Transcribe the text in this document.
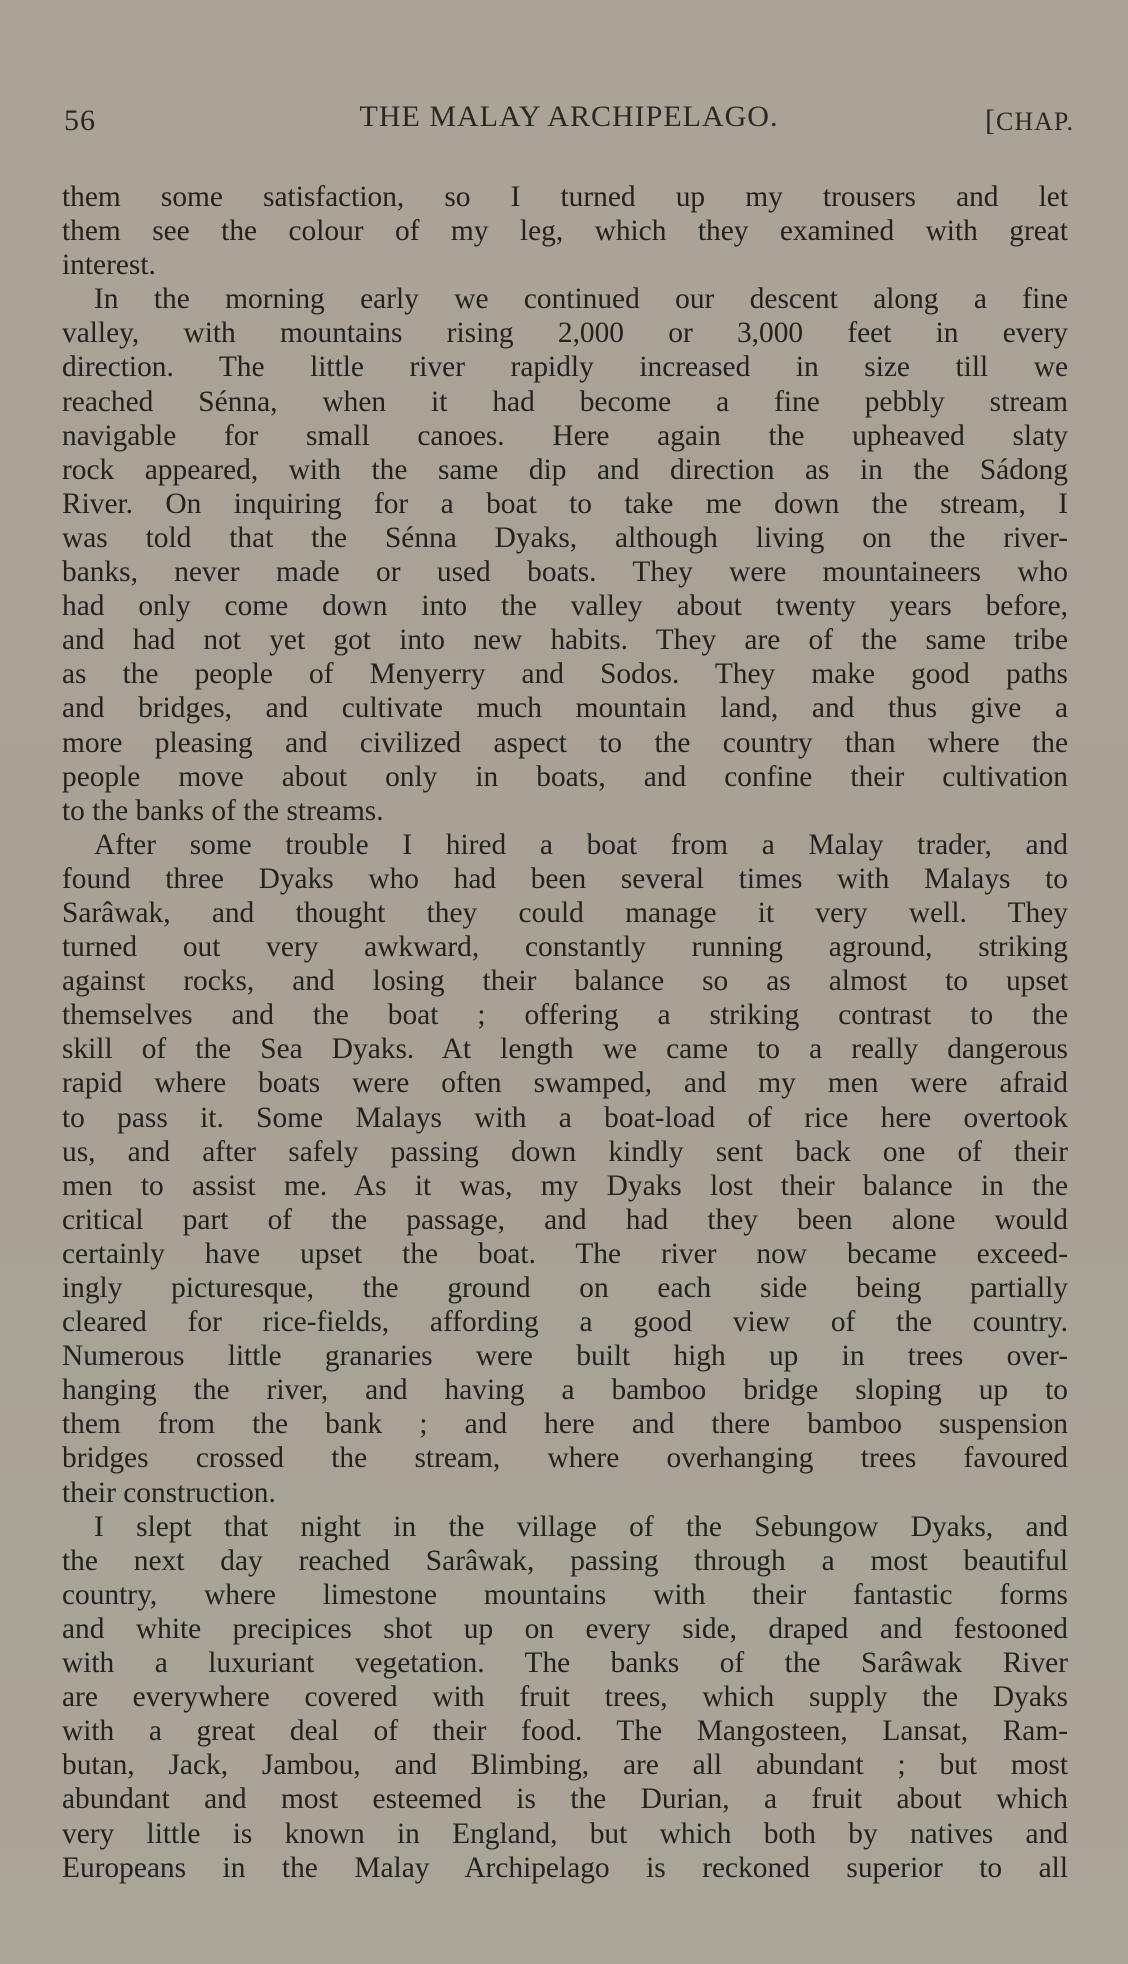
56	THE MALAY ARCHIPELAGO.	[CHAP.
them some satisfaction, so I turned up my trousers and let
them see the colour of my leg, which they examined with great
interest.
In the morning early we continued our descent along a fine
valley, with mountains rising 2,000 or 3,000 feet in every
direction. The little river rapidly increased in size till we
reached Sénna, when it had become a fine pebbly stream
navigable for small canoes. Here again the upheaved slaty
rock appeared, with the same dip and direction as in the Sádong
River. On inquiring for a boat to take me down the stream, I
was told that the Sénna Dyaks, although living on the river-
banks, never made or used boats. They were mountaineers who
had only come down into the valley about twenty years before,
and had not yet got into new habits. They are of the same tribe
as the people of Menyerry and Sodos. They make good paths
and bridges, and cultivate much mountain land, and thus give a
more pleasing and civilized aspect to the country than where the
people move about only in boats, and confine their cultivation
to the banks of the streams.
After some trouble I hired a boat from a Malay trader, and
found three Dyaks who had been several times with Malays to
Sarâwak, and thought they could manage it very well. They
turned out very awkward, constantly running aground, striking
against rocks, and losing their balance so as almost to upset
themselves and the boat ; offering a striking contrast to the
skill of the Sea Dyaks. At length we came to a really dangerous
rapid where boats were often swamped, and my men were afraid
to pass it. Some Malays with a boat-load of rice here overtook
us, and after safely passing down kindly sent back one of their
men to assist me. As it was, my Dyaks lost their balance in the
critical part of the passage, and had they been alone would
certainly have upset the boat. The river now became exceed-
ingly picturesque, the ground on each side being partially
cleared for rice-fields, affording a good view of the country.
Numerous little granaries were built high up in trees over-
hanging the river, and having a bamboo bridge sloping up to
them from the bank ; and here and there bamboo suspension
bridges crossed the stream, where overhanging trees favoured
their construction.
I slept that night in the village of the Sebungow Dyaks, and
the next day reached Sarâwak, passing through a most beautiful
country, where limestone mountains with their fantastic forms
and white precipices shot up on every side, draped and festooned
with a luxuriant vegetation. The banks of the Sarâwak River
are everywhere covered with fruit trees, which supply the Dyaks
with a great deal of their food. The Mangosteen, Lansat, Ram-
butan, Jack, Jambou, and Blimbing, are all abundant ; but most
abundant and most esteemed is the Durian, a fruit about which
very little is known in England, but which both by natives and
Europeans in the Malay Archipelago is reckoned superior to all
